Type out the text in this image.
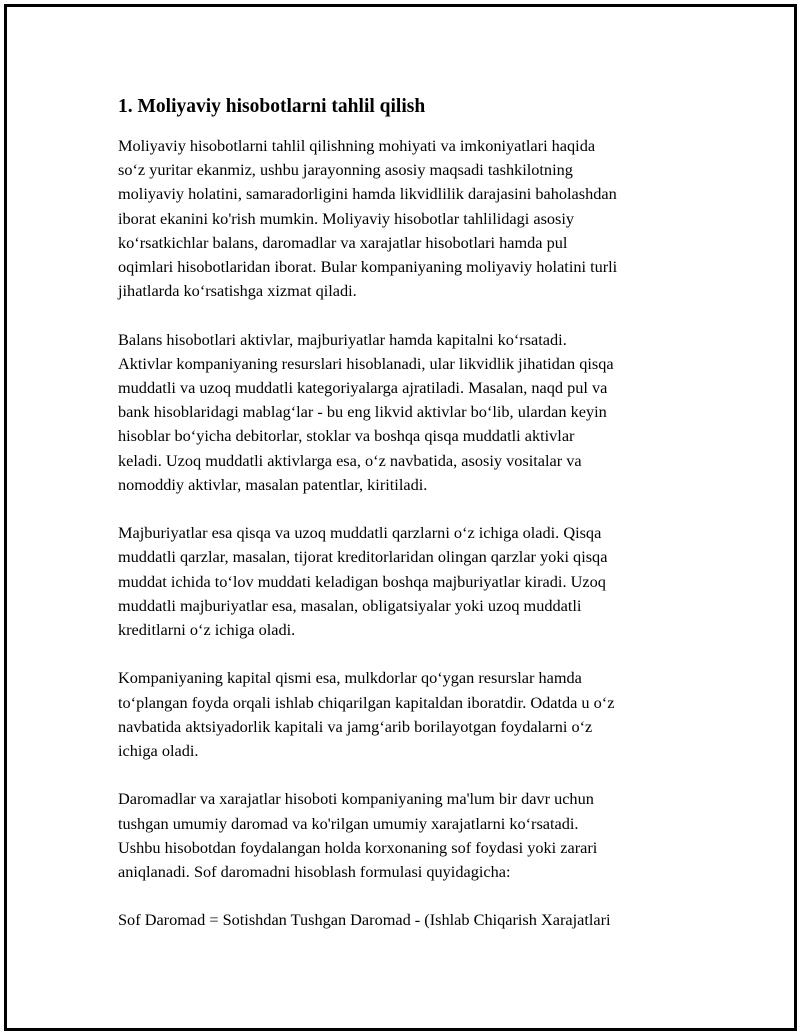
1. Moliyaviy hisobotlarni tahlil qilish
Moliyaviy hisobotlarni tahlil qilishning mohiyati va imkoniyatlari haqida
so‘z yuritar ekanmiz, ushbu jarayonning asosiy maqsadi tashkilotning
moliyaviy holatini, samaradorligini hamda likvidlilik darajasini baholashdan
iborat ekanini ko'rish mumkin. Moliyaviy hisobotlar tahlilidagi asosiy
ko‘rsatkichlar balans, daromadlar va xarajatlar hisobotlari hamda pul
oqimlari hisobotlaridan iborat. Bular kompaniyaning moliyaviy holatini turli
jihatlarda ko‘rsatishga xizmat qiladi.
Balans hisobotlari aktivlar, majburiyatlar hamda kapitalni ko‘rsatadi.
Aktivlar kompaniyaning resurslari hisoblanadi, ular likvidlik jihatidan qisqa
muddatli va uzoq muddatli kategoriyalarga ajratiladi. Masalan, naqd pul va
bank hisoblaridagi mablag‘lar - bu eng likvid aktivlar bo‘lib, ulardan keyin
hisoblar bo‘yicha debitorlar, stoklar va boshqa qisqa muddatli aktivlar
keladi. Uzoq muddatli aktivlarga esa, o‘z navbatida, asosiy vositalar va
nomoddiy aktivlar, masalan patentlar, kiritiladi.
Majburiyatlar esa qisqa va uzoq muddatli qarzlarni o‘z ichiga oladi. Qisqa
muddatli qarzlar, masalan, tijorat kreditorlaridan olingan qarzlar yoki qisqa
muddat ichida to‘lov muddati keladigan boshqa majburiyatlar kiradi. Uzoq
muddatli majburiyatlar esa, masalan, obligatsiyalar yoki uzoq muddatli
kreditlarni o‘z ichiga oladi.
Kompaniyaning kapital qismi esa, mulkdorlar qo‘ygan resurslar hamda
to‘plangan foyda orqali ishlab chiqarilgan kapitaldan iboratdir. Odatda u o‘z
navbatida aktsiyadorlik kapitali va jamg‘arib borilayotgan foydalarni o‘z
ichiga oladi.
Daromadlar va xarajatlar hisoboti kompaniyaning ma'lum bir davr uchun
tushgan umumiy daromad va ko'rilgan umumiy xarajatlarni ko‘rsatadi.
Ushbu hisobotdan foydalangan holda korxonaning sof foydasi yoki zarari
aniqlanadi. Sof daromadni hisoblash formulasi quyidagicha:
Sof Daromad = Sotishdan Tushgan Daromad - (Ishlab Chiqarish Xarajatlari
